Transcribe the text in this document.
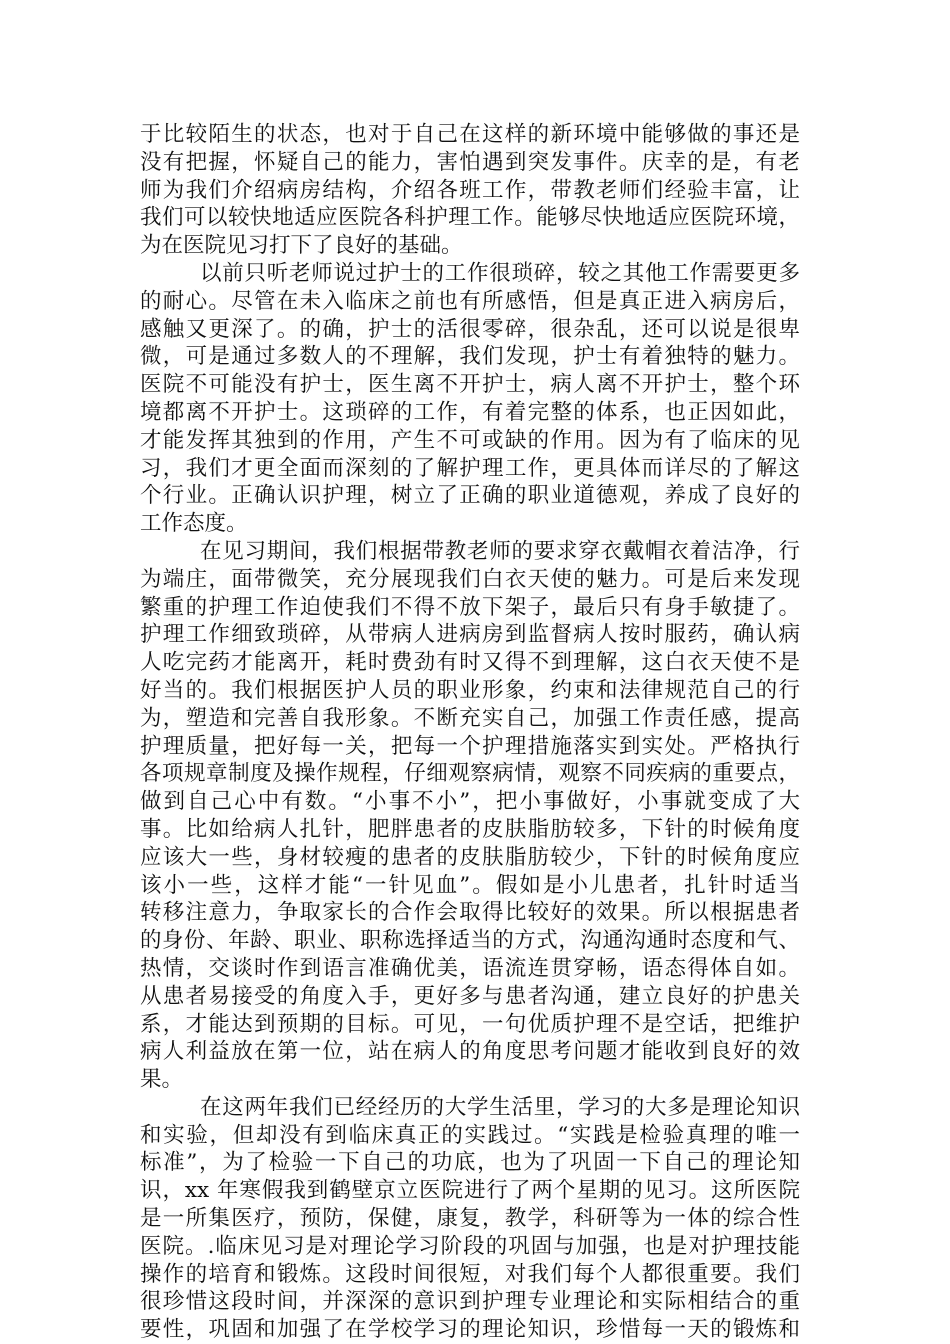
于比较陌生的状态，也对于自己在这样的新环境中能够做的事还是
没有把握，怀疑自己的能力，害怕遇到突发事件。庆幸的是，有老
师为我们介绍病房结构，介绍各班工作，带教老师们经验丰富，让
我们可以较快地适应医院各科护理工作。能够尽快地适应医院环境，
为在医院见习打下了良好的基础。
以前只听老师说过护士的工作很琐碎，较之其他工作需要更多
的耐心。尽管在未入临床之前也有所感悟，但是真正进入病房后，
感触又更深了。的确，护士的活很零碎，很杂乱，还可以说是很卑
微，可是通过多数人的不理解，我们发现，护士有着独特的魅力。
医院不可能没有护士，医生离不开护士，病人离不开护士，整个环
境都离不开护士。这琐碎的工作，有着完整的体系，也正因如此，
才能发挥其独到的作用，产生不可或缺的作用。因为有了临床的见
习，我们才更全面而深刻的了解护理工作，更具体而详尽的了解这
个行业。正确认识护理，树立了正确的职业道德观，养成了良好的
工作态度。
在见习期间，我们根据带教老师的要求穿衣戴帽衣着洁净，行
为端庄，面带微笑，充分展现我们白衣天使的魅力。可是后来发现
繁重的护理工作迫使我们不得不放下架子，最后只有身手敏捷了。
护理工作细致琐碎，从带病人进病房到监督病人按时服药，确认病
人吃完药才能离开，耗时费劲有时又得不到理解，这白衣天使不是
好当的。我们根据医护人员的职业形象，约束和法律规范自己的行
为，塑造和完善自我形象。不断充实自己，加强工作责任感，提高
护理质量，把好每一关，把每一个护理措施落实到实处。严格执行
各项规章制度及操作规程，仔细观察病情，观察不同疾病的重要点，
做到自己心中有数。“小事不小”，把小事做好，小事就变成了大
事。比如给病人扎针，肥胖患者的皮肤脂肪较多，下针的时候角度
应该大一些，身材较瘦的患者的皮肤脂肪较少，下针的时候角度应
该小一些，这样才能“一针见血”。假如是小儿患者，扎针时适当
转移注意力，争取家长的合作会取得比较好的效果。所以根据患者
的身份、年龄、职业、职称选择适当的方式，沟通沟通时态度和气、
热情，交谈时作到语言准确优美，语流连贯穿畅，语态得体自如。
从患者易接受的角度入手，更好多与患者沟通，建立良好的护患关
系，才能达到预期的目标。可见，一句优质护理不是空话，把维护
病人利益放在第一位，站在病人的角度思考问题才能收到良好的效
果。
在这两年我们已经经历的大学生活里，学习的大多是理论知识
和实验，但却没有到临床真正的实践过。“实践是检验真理的唯一
标准”，为了检验一下自己的功底，也为了巩固一下自己的理论知
识，xx 年寒假我到鹤壁京立医院进行了两个星期的见习。这所医院
是一所集医疗，预防，保健，康复，教学，科研等为一体的综合性
医院。.临床见习是对理论学习阶段的巩固与加强，也是对护理技能
操作的培育和锻炼。这段时间很短，对我们每个人都很重要。我们
很珍惜这段时间，并深深的意识到护理专业理论和实际相结合的重
要性，巩固和加强了在学校学习的理论知识，珍惜每一天的锻炼和
